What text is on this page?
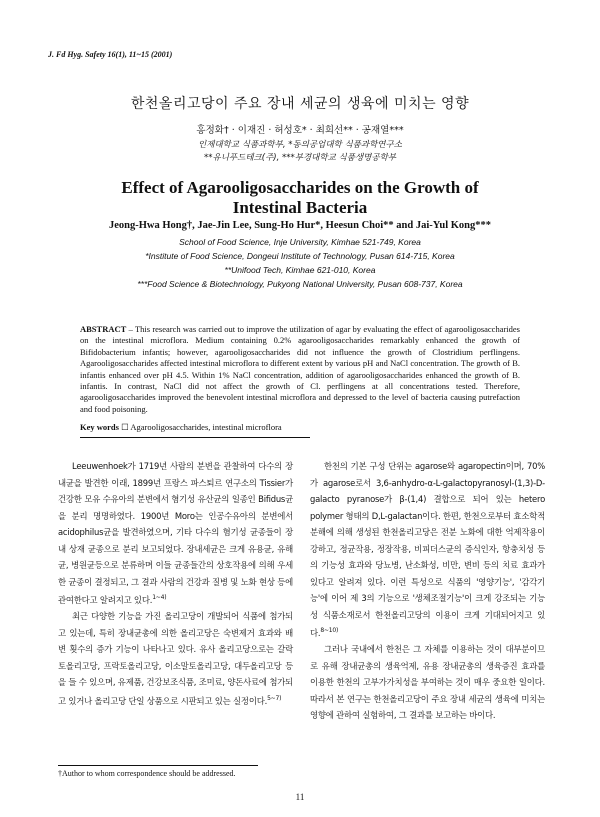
J. Fd Hyg. Safety 16(1), 11~15 (2001)
한천올리고당이 주요 장내 세균의 생육에 미치는 영향
홍정화† · 이재진 · 허성호* · 최희선** · 공재열***
인제대학교 식품과학부, *동의공업대학 식품과학연구소
**유니푸드테크(주), ***부경대학교 식품생명공학부
Effect of Agarooligosaccharides on the Growth of
Intestinal Bacteria
Jeong-Hwa Hong†, Jae-Jin Lee, Sung-Ho Hur*, Heesun Choi** and Jai-Yul Kong***
School of Food Science, Inje University, Kimhae 521-749, Korea
*Institute of Food Science, Dongeui Institute of Technology, Pusan 614-715, Korea
**Unifood Tech, Kimhae 621-010, Korea
***Food Science & Biotechnology, Pukyong National University, Pusan 608-737, Korea
ABSTRACT – This research was carried out to improve the utilization of agar by evaluating the effect of agarooligosaccharides on the intestinal microflora. Medium containing 0.2% agarooligosaccharides remarkably enhanced the growth of Bifidobacterium infantis; however, agarooligosaccharides did not influence the growth of Clostridium perflingens. Agarooligosaccharides affected intestinal microflora to different extent by various pH and NaCl concentration. The growth of B. infantis enhanced over pH 4.5. Within 1% NaCl concentration, addition of agarooligosaccharides enhanced the growth of B. infantis. In contrast, NaCl did not affect the growth of Cl. perflingens at all concentrations tested. Therefore, agarooligosaccharides improved the benevolent intestinal microflora and depressed to the level of bacteria causing putrefaction and food poisoning.
Key words ☐ Agarooligosaccharides, intestinal microflora

Leeuwenhoek가 1719년 사람의 분변을 관찰하여 다수의 장내균을 발견한 이래, 1899년 프랑스 파스퇴르 연구소의 Tissier가 건강한 모유 수유아의 분변에서 혐기성 유산균의 일종인 Bifidus균을 분리 명명하였다. 1900년 Moro는 인공수유아의 분변에서 acidophilus균을 발견하였으며, 기타 다수의 혐기성 균종들이 장내 상재 균종으로 분리 보고되었다. 장내세균은 크게 유용균, 유해균, 병원균등으로 분류하며 이들 균종들간의 상호작용에 의해 우세한 균종이 결정되고, 그 결과 사람의 건강과 질병 및 노화 현상 등에 관여한다고 알려지고 있다.$^{1\sim 4)}$

최근 다양한 기능을 가진 올리고당이 개발되어 식품에 첨가되고 있는데, 특히 장내균총에 의한 올리고당은 숙변제거 효과와 배변 횟수의 증가 기능이 나타나고 있다. 유사 올리고당으로는 갈락토올리고당, 프락토올리고당, 이소말토올리고당, 대두올리고당 등을 들 수 있으며, 유제품, 건강보조식품, 조미료, 양돈사료에 첨가되고 있거나 올리고당 단일 상품으로 시판되고 있는 실정이다.$^{5\sim 7)}$

한천의 기본 구성 단위는 agarose와 agaropectin이며, 70%가 agarose로서 3,6-anhydro-α-L-galactopyranosyl-(1,3)-D-galacto pyranose가 β-(1,4) 결합으로 되어 있는 hetero polymer 형태의 D,L-galactan이다. 한편, 한천으로부터 효소학적 분해에 의해 생성된 한천올리고당은 전분 노화에 대한 억제작용이 강하고, 정균작용, 정장작용, 비피더스균의 증식인자, 항충치성 등의 기능성 효과와 당뇨병, 난소화성, 비만, 변비 등의 치료 효과가 있다고 알려져 있다. 이런 특성으로 식품의 '영양기능', '감각기능'에 이어 제 3의 기능으로 '생체조절기능'이 크게 강조되는 기능성 식품소재로서 한천올리고당의 이용이 크게 기대되어지고 있다.$^{8\sim 10)}$

그러나 국내에서 한천은 그 자체를 이용하는 것이 대부분이므로 유해 장내균총의 생육억제, 유용 장내균총의 생육증진 효과를 이용한 한천의 고부가가치성을 부여하는 것이 매우 중요한 일이다. 따라서 본 연구는 한천올리고당이 주요 장내 세균의 생육에 미치는 영향에 관하여 실험하여, 그 결과를 보고하는 바이다.

†Author to whom correspondence should be addressed.
11
